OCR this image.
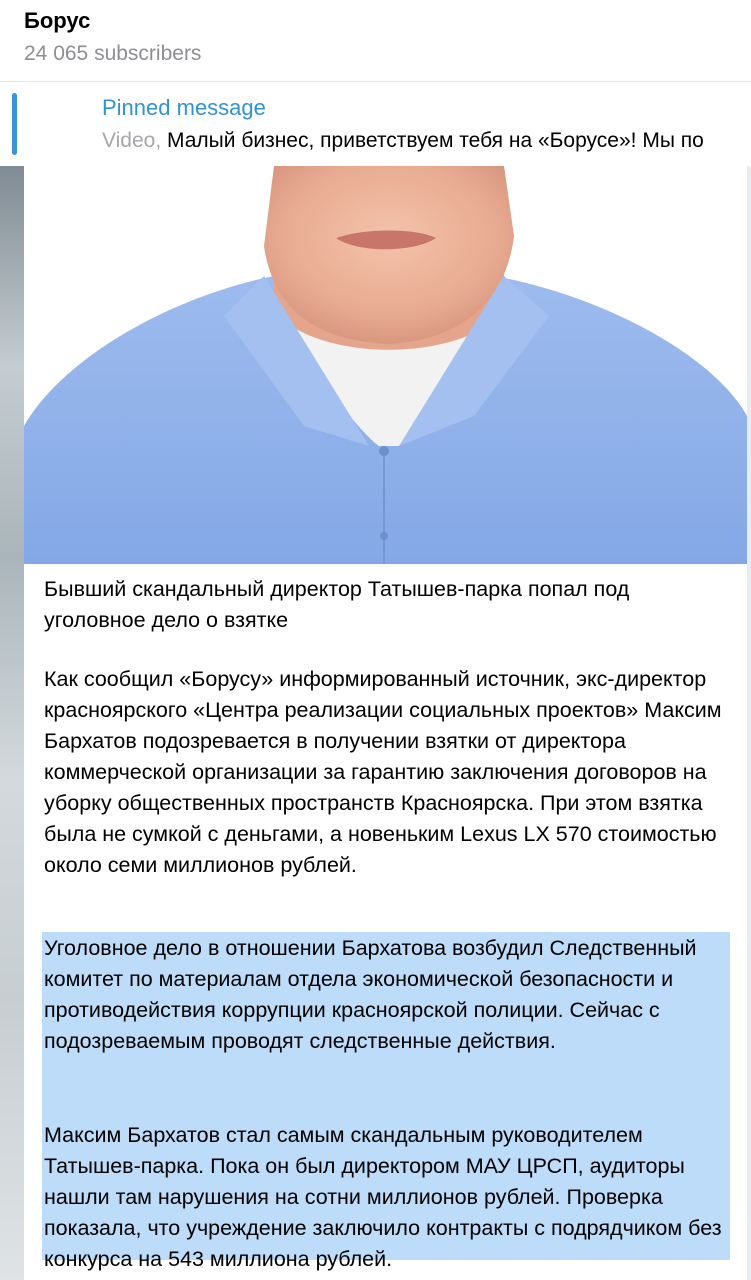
Борус
24 065 subscribers
Pinned message
Video, Малый бизнес, приветствуем тебя на «Борусе»! Мы по
Бывший скандальный директор Татышев-парка попал под уголовное дело о взятке
Как сообщил «Борусу» информированный источник, экс-директор красноярского «Центра реализации социальных проектов» Максим Бархатов подозревается в получении взятки от директора коммерческой организации за гарантию заключения договоров на уборку общественных пространств Красноярска. При этом взятка была не сумкой с деньгами, а новеньким Lexus LX 570 стоимостью около семи миллионов рублей.
Уголовное дело в отношении Бархатова возбудил Следственный комитет по материалам отдела экономической безопасности и противодействия коррупции красноярской полиции. Сейчас с подозреваемым проводят следственные действия.
Максим Бархатов стал самым скандальным руководителем Татышев-парка. Пока он был директором МАУ ЦРСП, аудиторы нашли там нарушения на сотни миллионов рублей. Проверка показала, что учреждение заключило контракты с подрядчиком без конкурса на 543 миллиона рублей.
